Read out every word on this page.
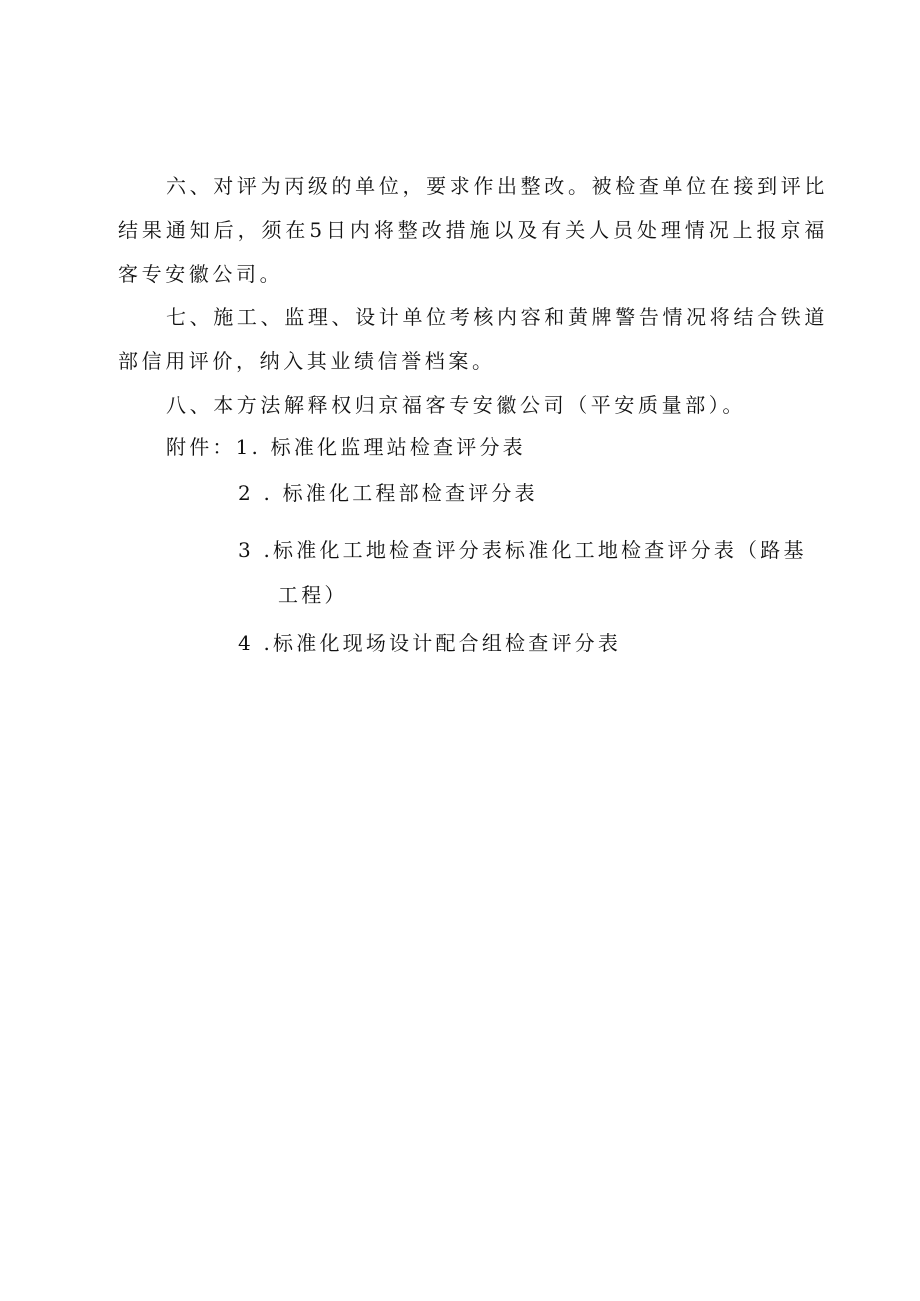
六、对评为丙级的单位，要求作出整改。被检查单位在接到评比结果通知后，须在5日内将整改措施以及有关人员处理情况上报京福客专安徽公司。

七、施工、监理、设计单位考核内容和黄牌警告情况将结合铁道部信用评价，纳入其业绩信誉档案。

八、本方法解释权归京福客专安徽公司（平安质量部）。

附件：1. 标准化监理站检查评分表

2 . 标准化工程部检查评分表

3 .标准化工地检查评分表标准化工地检查评分表（路基

工程）

4 .标准化现场设计配合组检查评分表
